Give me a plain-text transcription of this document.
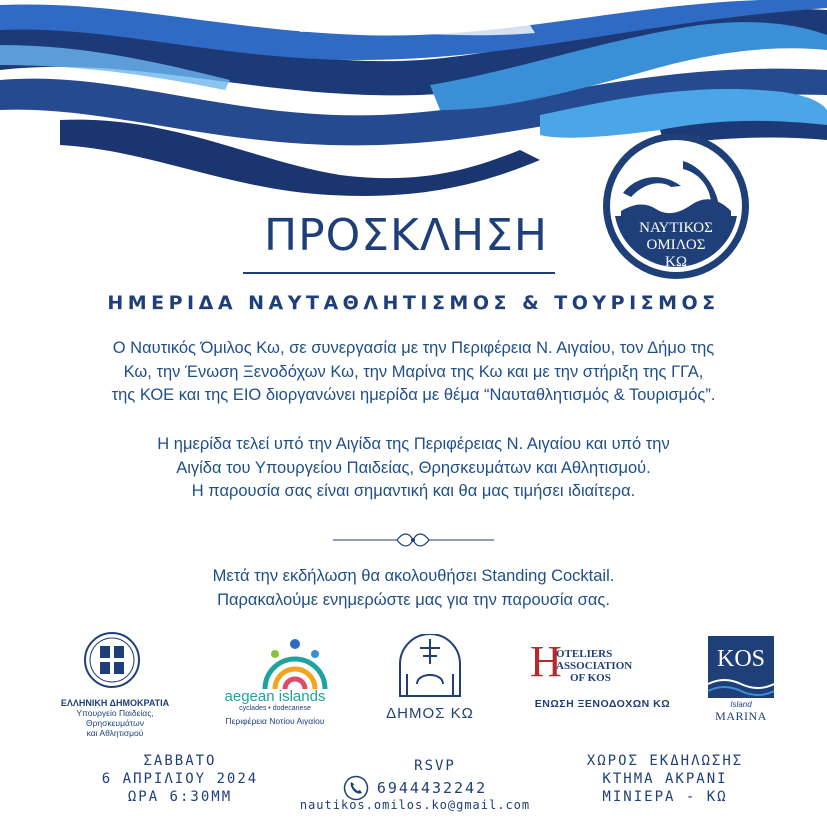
ΝΑΥΤΙΚΟΣ
ΟΜΙΛΟΣ
ΚΩ
ΠΡΟΣΚΛΗΣΗ
ΗΜΕΡΙΔΑ ΝΑΥΤΑΘΛΗΤΙΣΜΟΣ & ΤΟΥΡΙΣΜΟΣ
Ο Ναυτικός Όμιλος Κω, σε συνεργασία με την Περιφέρεια Ν. Αιγαίου, τον Δήμο της
Κω, την Ένωση Ξενοδόχων Κω, την Μαρίνα της Κω και με την στήριξη της ΓΓΑ,
της ΚΟΕ και της ΕΙΟ διοργανώνει ημερίδα με θέμα “Ναυταθλητισμός & Τουρισμός”.
Η ημερίδα τελεί υπό την Αιγίδα της Περιφέρειας Ν. Αιγαίου και υπό την
Αιγίδα του Υπουργείου Παιδείας, Θρησκευμάτων και Αθλητισμού.
Η παρουσία σας είναι σημαντική και θα μας τιμήσει ιδιαίτερα.
Μετά την εκδήλωση θα ακολουθήσει Standing Cocktail.
Παρακαλούμε ενημερώστε μας για την παρουσία σας.
ΕΛΛΗΝΙΚΗ ΔΗΜΟΚΡΑΤΙΑ
Υπουργείο Παιδείας, Θρησκευμάτων
και Αθλητισμού
aegean islands
cyclades • dodecanese
Περιφέρεια Νοτίου Αιγαίου	ΔΗΜΟΣ ΚΩ
H
OTELIERS
ASSOCIATION
OF KOS
ΕΝΩΣΗ ΞΕΝΟΔΟΧΩΝ ΚΩ
KOS
Island
MARINA
ΣΑΒΒΑΤΟ
6 ΑΠΡΙΛΙΟΥ 2024
ΩΡΑ 6:30ΜΜ
RSVP
6944432242
ΧΩΡΟΣ ΕΚΔΗΛΩΣΗΣ
ΚΤΗΜΑ ΑΚΡΑΝΙ
ΜΙΝΙΕΡΑ - ΚΩ
nautikos.omilos.ko@gmail.com
